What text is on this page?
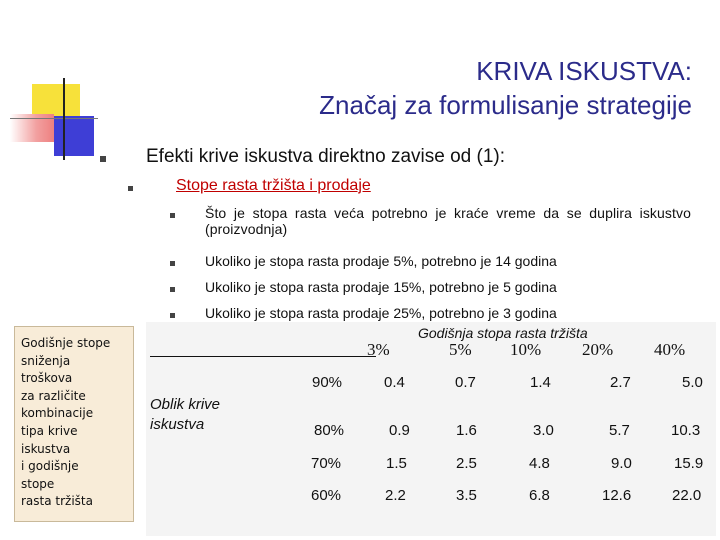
KRIVA ISKUSTVA:
Značaj za formulisanje strategije
Efekti krive iskustva direktno zavise od (1):
Stope rasta tržišta i prodaje
Što je stopa rasta veća potrebno je kraće vreme da se duplira iskustvo (proizvodnja)
Ukoliko je stopa rasta prodaje 5%, potrebno je 14 godina
Ukoliko je stopa rasta prodaje 15%, potrebno je 5 godina
Ukoliko je stopa rasta prodaje 25%, potrebno je 3 godina
Godišnje stope
sniženja
troškova
za različite
kombinacije
tipa krive
iskustva
i godišnje
stope
rasta tržišta
Godišnja stopa rasta tržišta
3%	5% 10% 20% 40%
Oblik krive
iskustva
90%	0.4	0.7	1.4	2.7	5.0
80%	0.9	1.6	3.0	5.7	10.3
70%	1.5	2.5	4.8	9.0	15.9
60%	2.2	3.5	6.8	12.6	22.0
